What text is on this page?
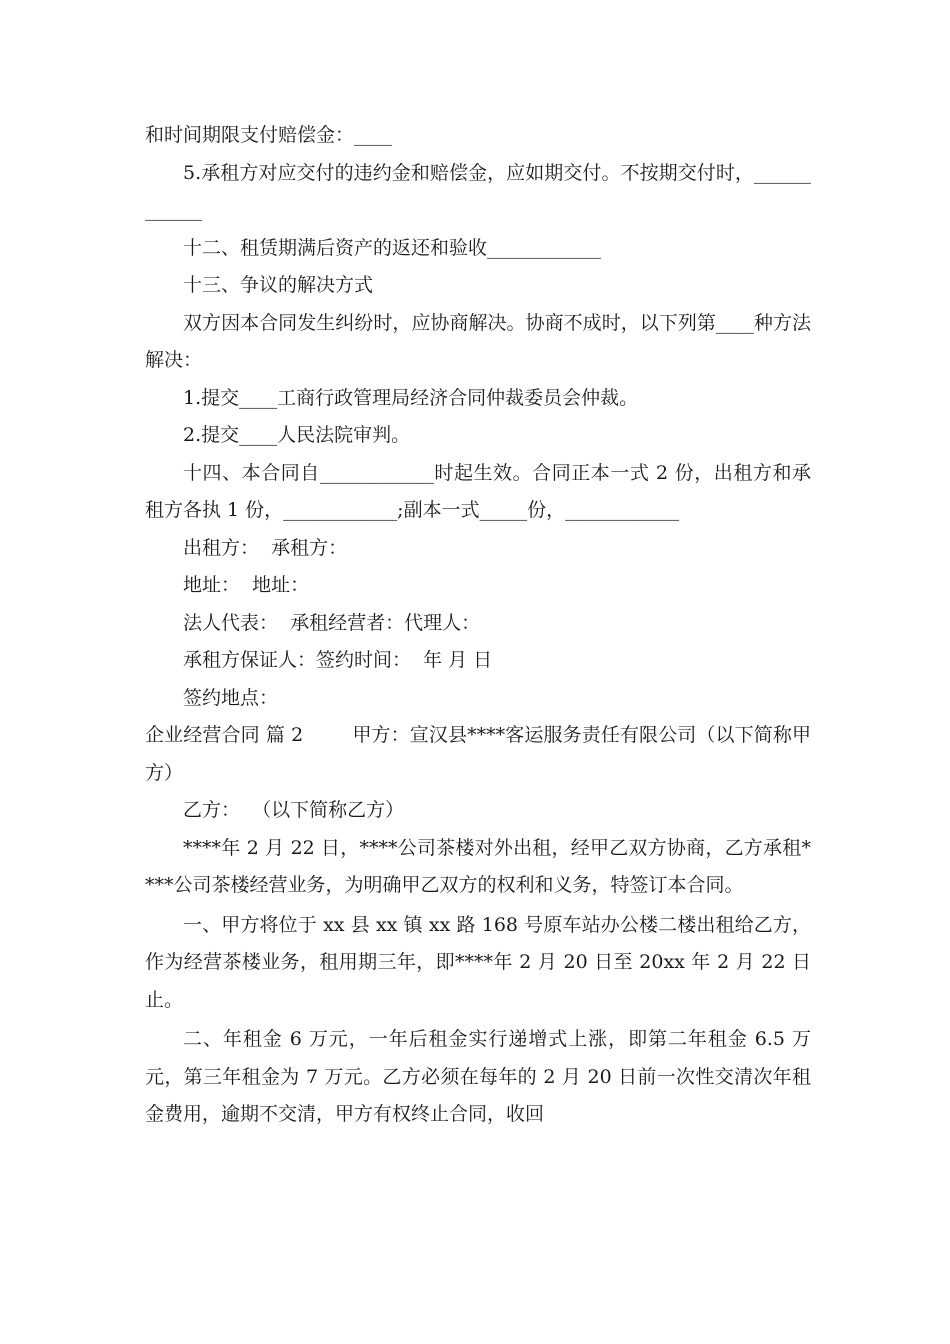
和时间期限支付赔偿金：____

5.承租方对应交付的违约金和赔偿金，应如期交付。不按期交付时，____________

十二、租赁期满后资产的返还和验收____________

十三、争议的解决方式

双方因本合同发生纠纷时，应协商解决。协商不成时，以下列第____种方法解决：

1.提交____工商行政管理局经济合同仲裁委员会仲裁。

2.提交____人民法院审判。

十四、本合同自____________时起生效。合同正本一式 2 份，出租方和承租方各执 1 份，____________;副本一式_____份，____________

出租方：  承租方：

地址：  地址：

法人代表：  承租经营者：代理人：

承租方保证人：签约时间：  年 月 日

签约地点：

企业经营合同 篇 2        甲方：宣汉县****客运服务责任有限公司（以下简称甲方）

乙方：  （以下简称乙方）

****年 2 月 22 日，****公司茶楼对外出租，经甲乙双方协商，乙方承租****公司茶楼经营业务，为明确甲乙双方的权利和义务，特签订本合同。

一、甲方将位于 xx 县 xx 镇 xx 路 168 号原车站办公楼二楼出租给乙方，作为经营茶楼业务，租用期三年，即****年 2 月 20 日至 20xx 年 2 月 22 日止。

二、年租金 6 万元，一年后租金实行递增式上涨，即第二年租金 6.5 万元，第三年租金为 7 万元。乙方必须在每年的 2 月 20 日前一次性交清次年租金费用，逾期不交清，甲方有权终止合同，收回
